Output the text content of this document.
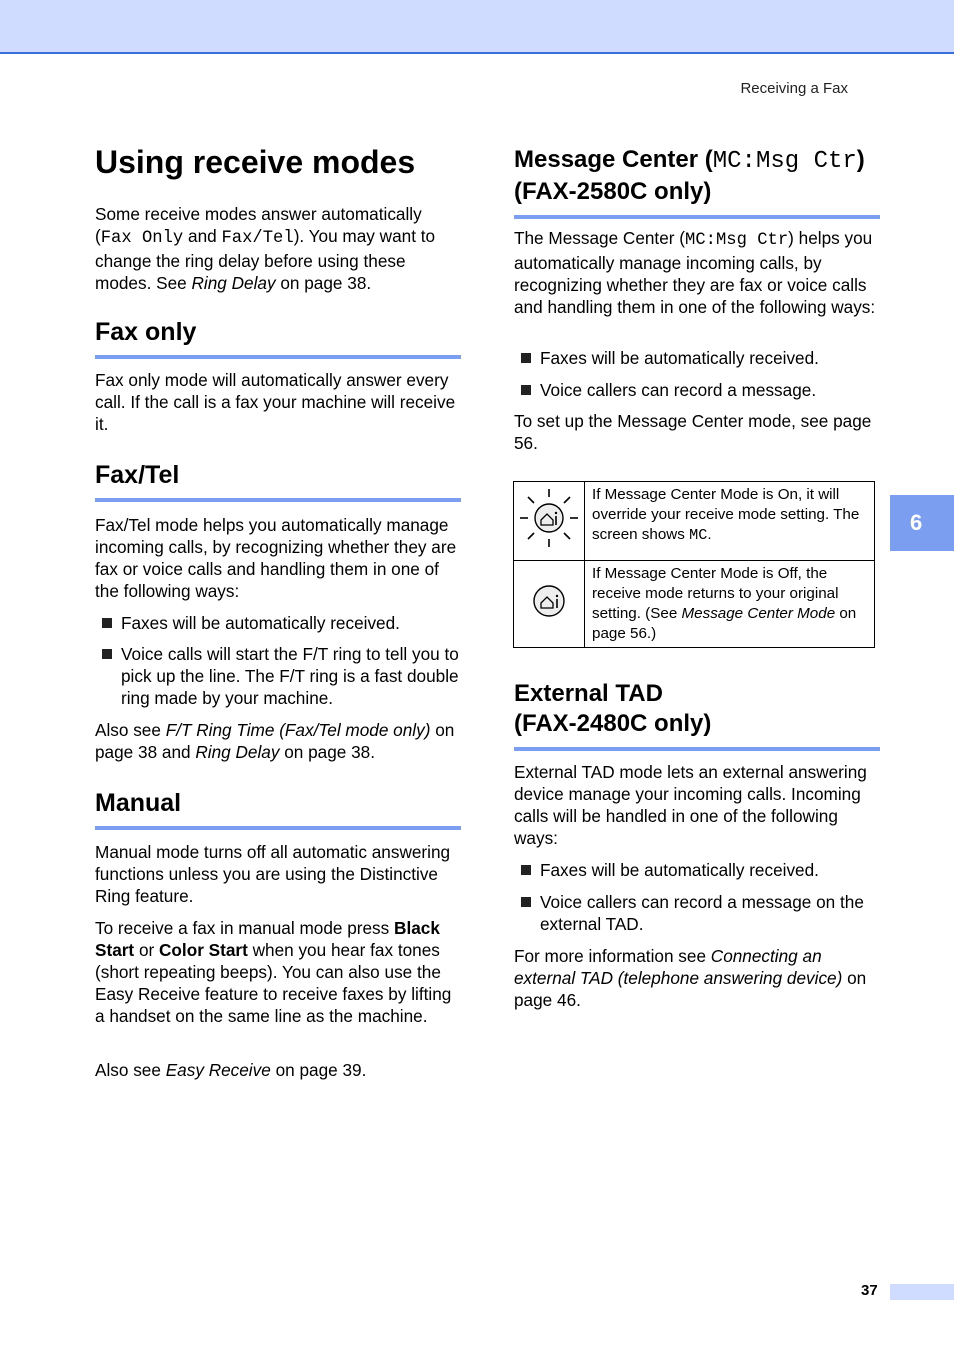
Receiving a Fax
Using receive modes

Some receive modes answer automatically (Fax Only and Fax/Tel). You may want to change the ring delay before using these modes. See Ring Delay on page 38.

Fax only

Fax only mode will automatically answer every call. If the call is a fax your machine will receive it.

Fax/Tel

Fax/Tel mode helps you automatically manage incoming calls, by recognizing whether they are fax or voice calls and handling them in one of the following ways:

Faxes will be automatically received.
Voice calls will start the F/T ring to tell you to pick up the line. The F/T ring is a fast double ring made by your machine.

Also see F/T Ring Time (Fax/Tel mode only) on page 38 and Ring Delay on page 38.

Manual

Manual mode turns off all automatic answering functions unless you are using the Distinctive Ring feature.

To receive a fax in manual mode press Black Start or Color Start when you hear fax tones (short repeating beeps). You can also use the Easy Receive feature to receive faxes by lifting a handset on the same line as the machine.

Also see Easy Receive on page 39.

Message Center (MC:Msg Ctr)
(FAX-2580C only)

The Message Center (MC:Msg Ctr) helps you automatically manage incoming calls, by recognizing whether they are fax or voice calls and handling them in one of the following ways:

Faxes will be automatically received.
Voice callers can record a message.

To set up the Message Center mode, see page 56.

External TAD
(FAX-2480C only)

External TAD mode lets an external answering device manage your incoming calls. Incoming calls will be handled in one of the following ways:

Faxes will be automatically received.
Voice callers can record a message on the external TAD.

For more information see Connecting an external TAD (telephone answering device) on page 46.

	If Message Center Mode is On, it will override your receive mode setting. The screen shows MC.
	If Message Center Mode is Off, the receive mode returns to your original setting. (See Message Center Mode on page 56.)
6
37
